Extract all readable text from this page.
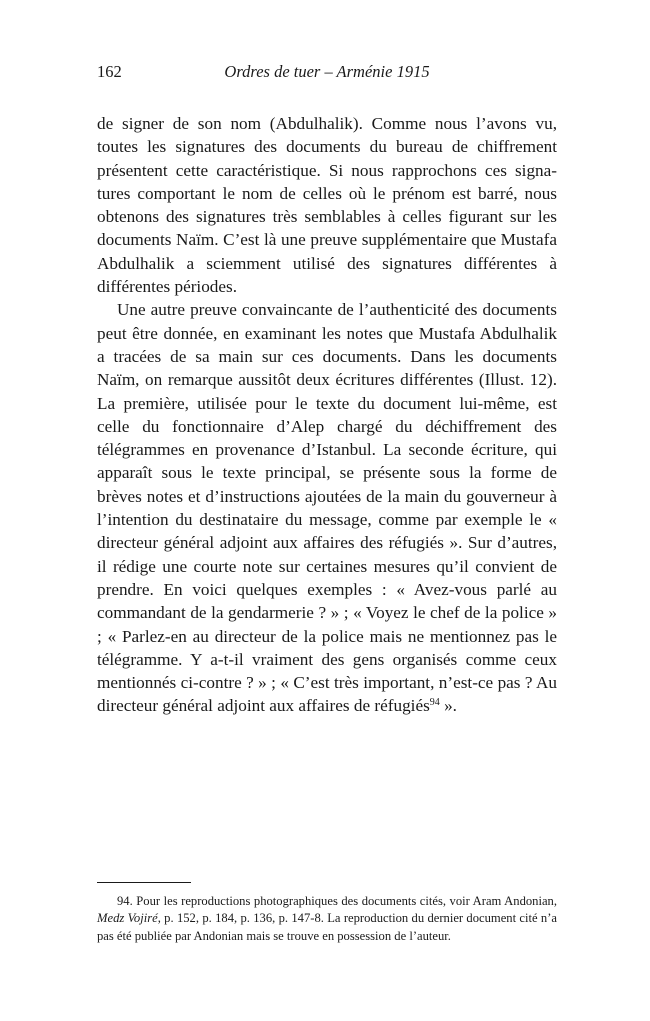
162	Ordres de tuer – Arménie 1915

de signer de son nom (Abdulhalik). Comme nous l’avons vu, toutes les signatures des documents du bureau de chiffrement présentent cette caractéristique. Si nous rapprochons ces signatures comportant le nom de celles où le prénom est barré, nous obtenons des signatures très semblables à celles figurant sur les documents Naïm. C’est là une preuve supplémentaire que Mustafa Abdulhalik a sciemment utilisé des signatures différentes à différentes périodes.

Une autre preuve convaincante de l’authenticité des documents peut être donnée, en examinant les notes que Mustafa Abdulhalik a tracées de sa main sur ces documents. Dans les documents Naïm, on remarque aussitôt deux écritures différentes (Illust. 12). La première, utilisée pour le texte du document lui-même, est celle du fonctionnaire d’Alep chargé du déchiffrement des télégrammes en provenance d’Istanbul. La seconde écriture, qui apparaît sous le texte principal, se présente sous la forme de brèves notes et d’instructions ajoutées de la main du gouverneur à l’intention du destinataire du message, comme par exemple le « directeur général adjoint aux affaires des réfugiés ». Sur d’autres, il rédige une courte note sur certaines mesures qu’il convient de prendre. En voici quelques exemples : « Avez-vous parlé au commandant de la gendarmerie ? » ; « Voyez le chef de la police » ; « Parlez-en au directeur de la police mais ne mentionnez pas le télégramme. Y a-t-il vraiment des gens organisés comme ceux mentionnés ci-contre ? » ; « C’est très important, n’est-ce pas ? Au directeur général adjoint aux affaires de réfugiés$^{94}$ ».

94. Pour les reproductions photographiques des documents cités, voir Aram Andonian, Medz Vojiré, p. 152, p. 184, p. 136, p. 147-8. La reproduction du dernier document cité n’a pas été publiée par Andonian mais se trouve en possession de l’auteur.
